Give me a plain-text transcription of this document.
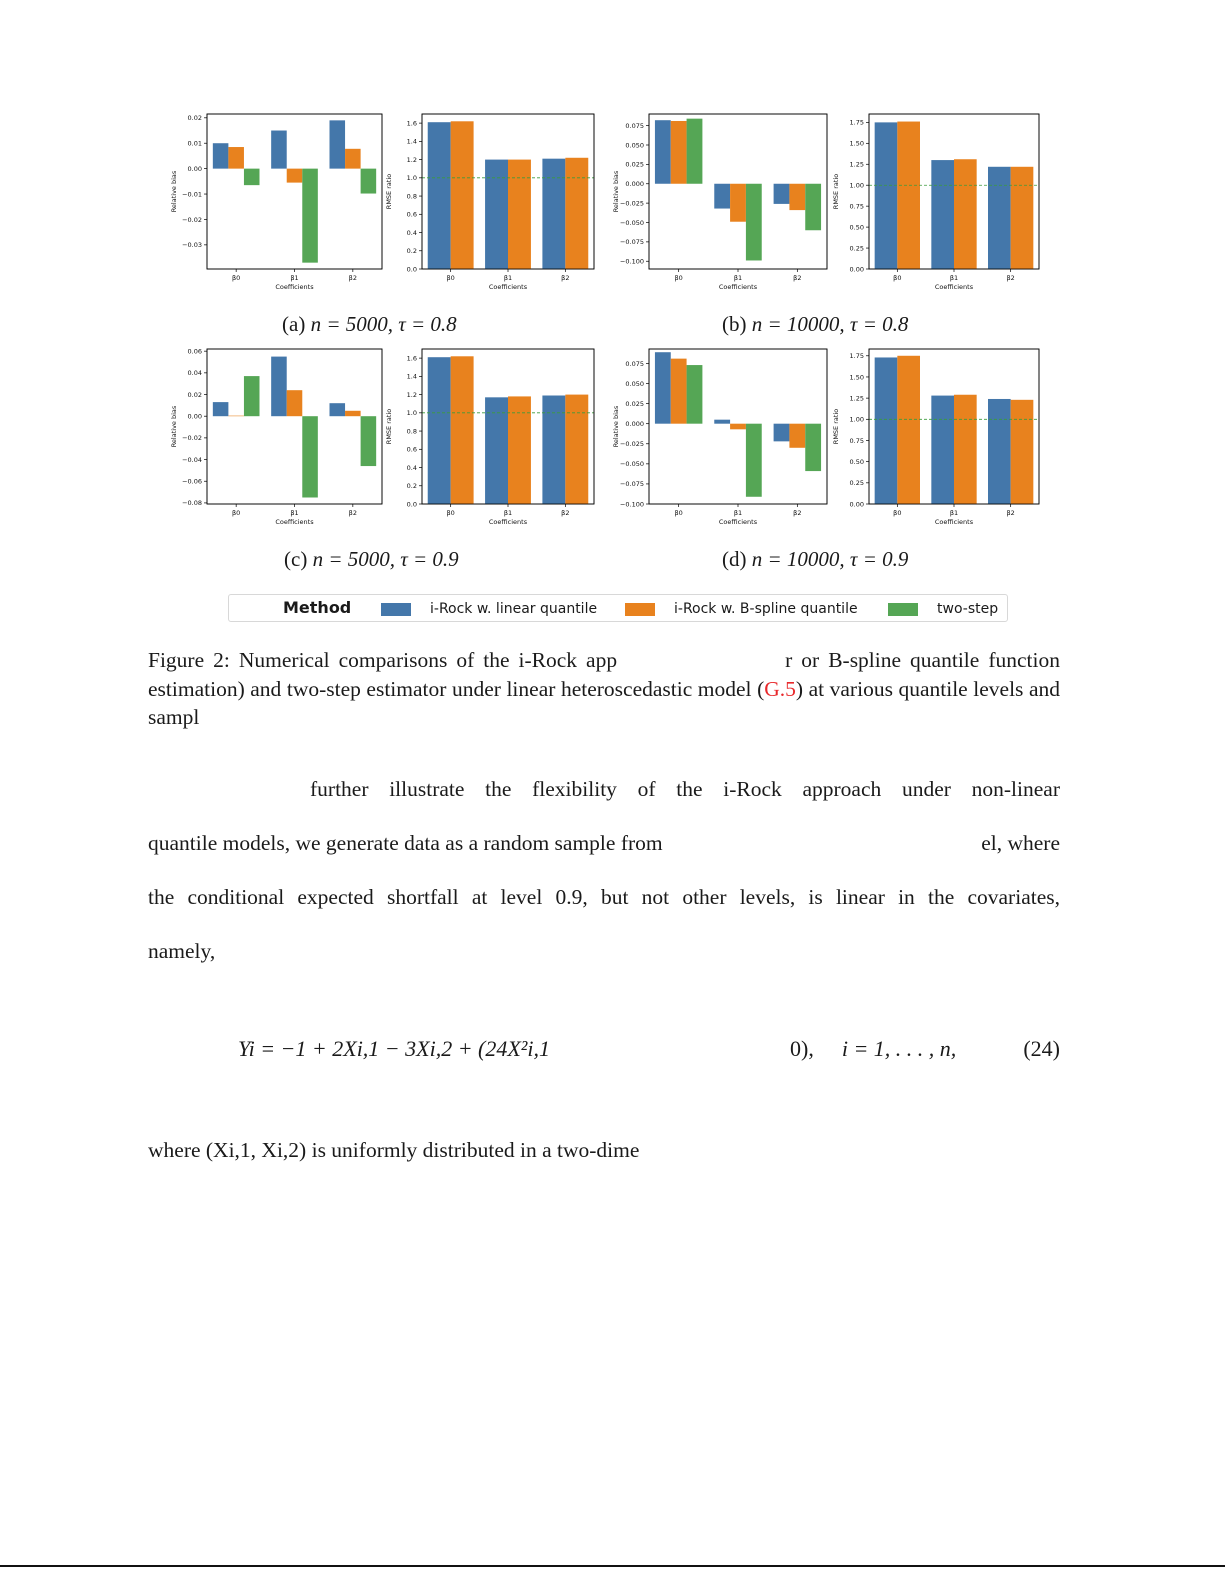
−0.03
−0.02
−0.01
0.00
0.01
0.02
Relative bias
β0	β1	β2
Coefficients
0.0
0.2
0.4
0.6
0.8
1.0
1.2
1.4
1.6
RMSE ratio
β0	β1	β2
Coefficients
−0.100
−0.075
−0.050
−0.025
0.000
0.025
0.050
0.075
Relative bias
β0	β1	β2
Coefficients
0.00
0.25
0.50
0.75
1.00
1.25
1.50
1.75
RMSE ratio
β0	β1	β2
Coefficients
(a) n = 5000, τ = 0.8	(b) n = 10000, τ = 0.8
−0.08
−0.06
−0.04
−0.02
0.00
0.02
0.04
0.06
Relative bias
β0	β1	β2
Coefficients
0.0
0.2
0.4
0.6
0.8
1.0
1.2
1.4
1.6
RMSE ratio
β0	β1	β2
Coefficients
−0.100
−0.075
−0.050
−0.025
0.000
0.025
0.050
0.075
Relative bias
β0	β1	β2
Coefficients
0.00
0.25
0.50
0.75
1.00
1.25
1.50
1.75
RMSE ratio
β0	β1	β2
Coefficients
(c) n = 5000, τ = 0.9	(d) n = 10000, τ = 0.9
Method	i-Rock w. linear quantile	i-Rock w. B-spline quantile	two-step
Figure 2: Numerical comparisons of the i-Rock app	r or B-spline quantile function estimation) and two-step estimator under linear heteroscedastic model (G.5) at various quantile levels and sampl
further illustrate the flexibility of the i-Rock approach under non-linear
quantile models, we generate data as a random sample from	el, where
the conditional expected shortfall at level 0.9, but not other levels, is linear in the covariates,
namely,
Yi = −1 + 2Xi,1 − 3Xi,2 + (24X²i,1	0), i = 1, . . . , n,	(24)
where (Xi,1, Xi,2) is uniformly distributed in a two-dime
